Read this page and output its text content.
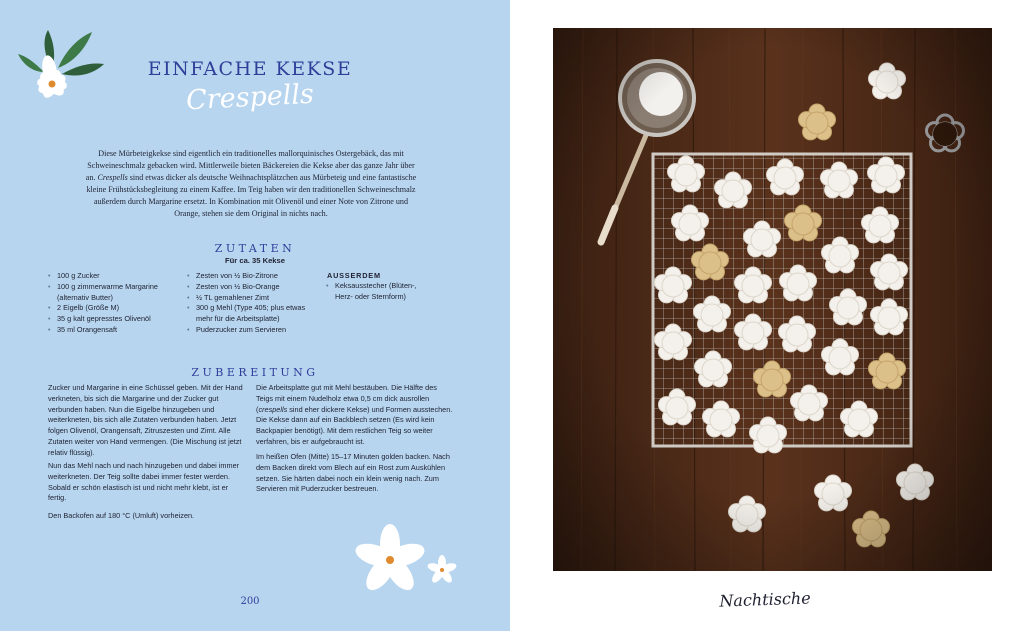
EINFACHE KEKSE
Crespells

Diese Mürbeteigkekse sind eigentlich ein traditionelles mallorquinisches Ostergebäck, das mit Schweineschmalz gebacken wird. Mittlerweile bieten Bäckereien die Kekse aber das ganze Jahr über an. Crespells sind etwas dicker als deutsche Weihnachtsplätzchen aus Mürbeteig und eine fantastische kleine Frühstücksbegleitung zu einem Kaffee. Im Teig haben wir den traditionellen Schweineschmalz außerdem durch Margarine ersetzt. In Kombination mit Olivenöl und einer Note von Zitrone und Orange, stehen sie dem Original in nichts nach.

ZUTATEN
Für ca. 35 Kekse
• 100 g Zucker
• 100 g zimmerwarme Margarine (alternativ Butter)
• 2 Eigelb (Größe M)
• 35 g kalt gepresstes Olivenöl
• 35 ml Orangensaft
• Zesten von ½ Bio-Zitrone
• Zesten von ½ Bio-Orange
• ½ TL gemahlener Zimt
• 300 g Mehl (Type 405; plus etwas mehr für die Arbeitsplatte)
• Puderzucker zum Servieren
AUSSERDEM
• Keksausstecher (Blüten-, Herz- oder Sternform)
ZUBEREITUNG

Zucker und Margarine in eine Schüssel geben. Mit der Hand verkneten, bis sich die Margarine und der Zucker gut verbunden haben. Nun die Eigelbe hinzugeben und weiterkneten, bis sich alle Zutaten verbunden haben. Jetzt folgen Olivenöl, Orangensaft, Zitruszesten und Zimt. Alle Zutaten weiter von Hand vermengen. (Die Mischung ist jetzt relativ flüssig).

Nun das Mehl nach und nach hinzugeben und dabei immer weiterkneten. Der Teig sollte dabei immer fester werden. Sobald er schön elastisch ist und nicht mehr klebt, ist er fertig.

Den Backofen auf 180 °C (Umluft) vorheizen.

Die Arbeitsplatte gut mit Mehl bestäuben. Die Hälfte des Teigs mit einem Nudelholz etwa 0,5 cm dick ausrollen (crespells sind eher dickere Kekse) und Formen ausstechen. Die Kekse dann auf ein Backblech setzen (Es wird kein Backpapier benötigt). Mit dem restlichen Teig so weiter verfahren, bis er aufgebraucht ist.

Im heißen Ofen (Mitte) 15–17 Minuten golden backen. Nach dem Backen direkt vom Blech auf ein Rost zum Auskühlen setzen. Sie härten dabei noch ein klein wenig nach. Zum Servieren mit Puderzucker bestreuen.

200	Nachtische
